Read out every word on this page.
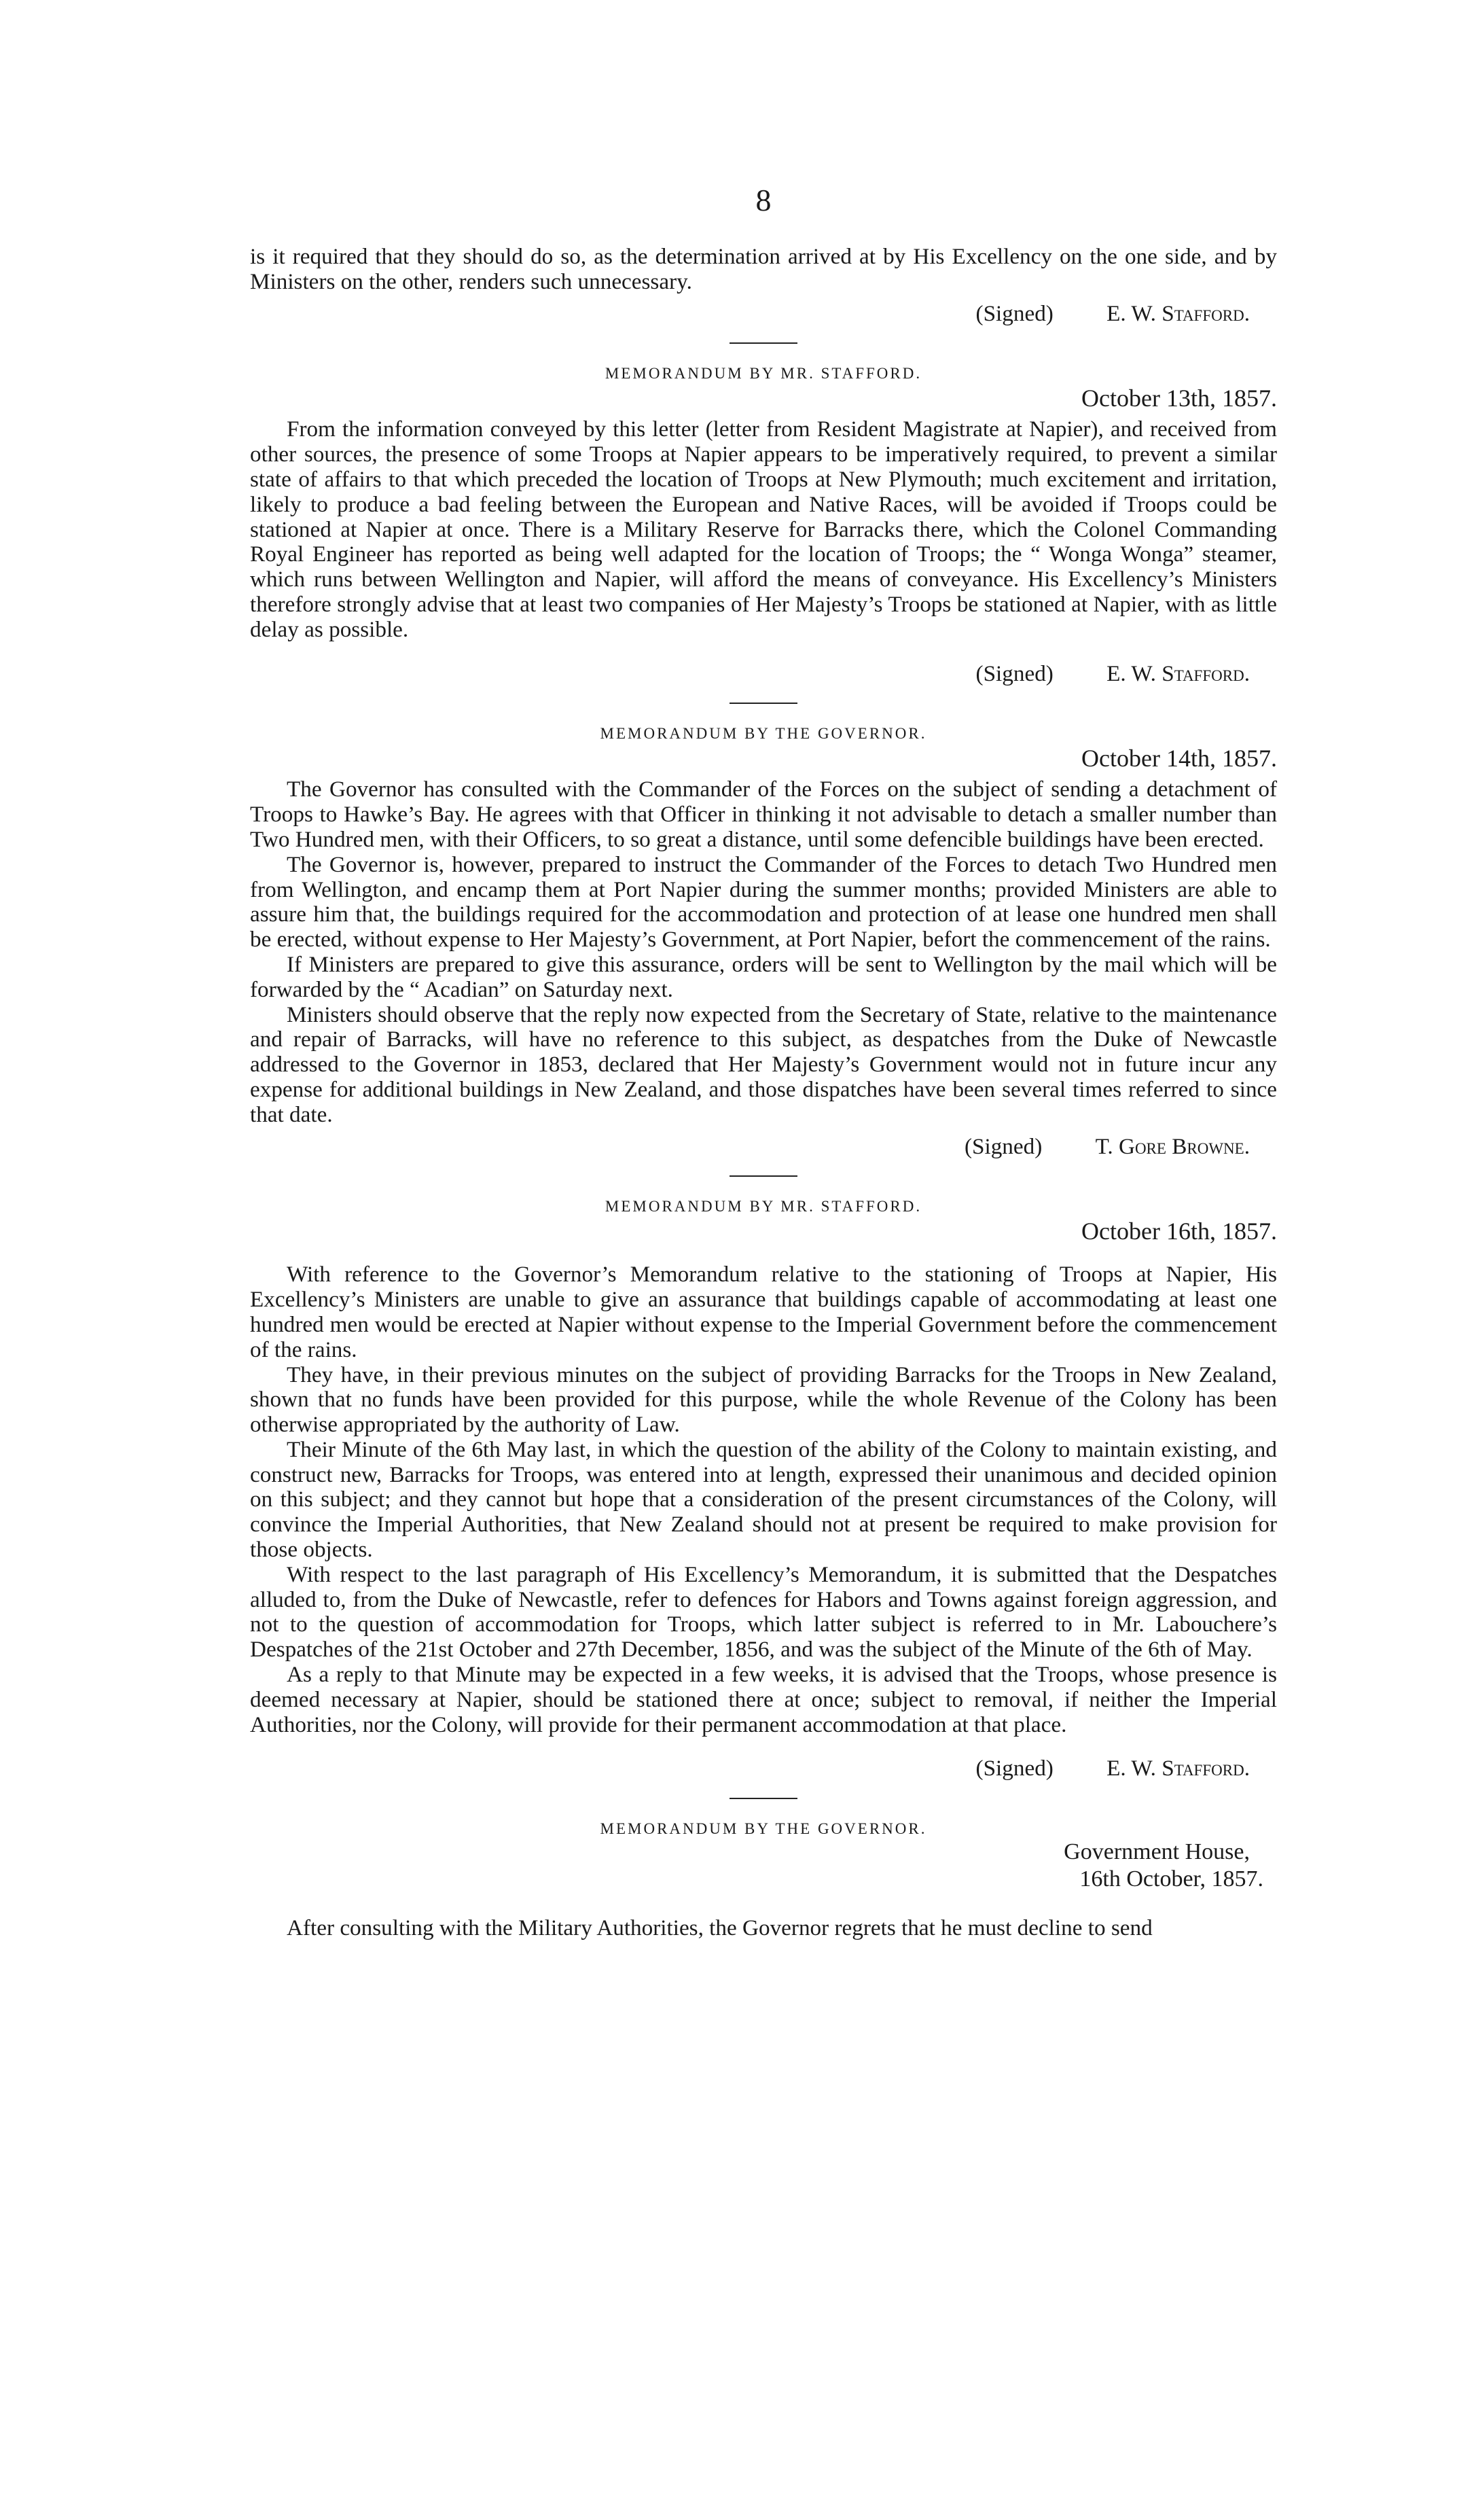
8

is it required that they should do so, as the determination arrived at by His Excellency on the one side, and by Ministers on the other, renders such unnecessary.

(Signed) E. W. Stafford.
MEMORANDUM BY MR. STAFFORD.
October 13th, 1857.

From the information conveyed by this letter (letter from Resident Magistrate at Napier), and received from other sources, the presence of some Troops at Napier appears to be imperatively required, to prevent a similar state of affairs to that which preceded the location of Troops at New Plymouth; much excitement and irritation, likely to produce a bad feeling between the European and Native Races, will be avoided if Troops could be stationed at Napier at once. There is a Military Reserve for Barracks there, which the Colonel Commanding Royal Engineer has reported as being well adapted for the location of Troops; the “ Wonga Wonga” steamer, which runs between Wellington and Napier, will afford the means of conveyance. His Excellency’s Ministers therefore strongly advise that at least two companies of Her Majesty’s Troops be stationed at Napier, with as little delay as possible.

(Signed) E. W. Stafford.
MEMORANDUM BY THE GOVERNOR.
October 14th, 1857.

The Governor has consulted with the Commander of the Forces on the subject of sending a detachment of Troops to Hawke’s Bay. He agrees with that Officer in thinking it not advisable to detach a smaller number than Two Hundred men, with their Officers, to so great a distance, until some defencible buildings have been erected.

The Governor is, however, prepared to instruct the Commander of the Forces to detach Two Hundred men from Wellington, and encamp them at Port Napier during the summer months; provided Ministers are able to assure him that, the buildings required for the accommodation and protection of at lease one hundred men shall be erected, without expense to Her Majesty’s Government, at Port Napier, befort the commencement of the rains.

If Ministers are prepared to give this assurance, orders will be sent to Wellington by the mail which will be forwarded by the “ Acadian” on Saturday next.

Ministers should observe that the reply now expected from the Secretary of State, relative to the maintenance and repair of Barracks, will have no reference to this subject, as despatches from the Duke of Newcastle addressed to the Governor in 1853, declared that Her Majesty’s Government would not in future incur any expense for additional buildings in New Zealand, and those dispatches have been several times referred to since that date.

(Signed) T. Gore Browne.
MEMORANDUM BY MR. STAFFORD.
October 16th, 1857.

With reference to the Governor’s Memorandum relative to the stationing of Troops at Napier, His Excellency’s Ministers are unable to give an assurance that buildings capable of accommodating at least one hundred men would be erected at Napier without expense to the Imperial Government before the commencement of the rains.

They have, in their previous minutes on the subject of providing Barracks for the Troops in New Zealand, shown that no funds have been provided for this purpose, while the whole Revenue of the Colony has been otherwise appropriated by the authority of Law.

Their Minute of the 6th May last, in which the question of the ability of the Colony to maintain existing, and construct new, Barracks for Troops, was entered into at length, expressed their unanimous and decided opinion on this subject; and they cannot but hope that a consideration of the present circumstances of the Colony, will convince the Imperial Authorities, that New Zealand should not at present be required to make provision for those objects.

With respect to the last paragraph of His Excellency’s Memorandum, it is submitted that the Despatches alluded to, from the Duke of Newcastle, refer to defences for Habors and Towns against foreign aggression, and not to the question of accommodation for Troops, which latter subject is referred to in Mr. Labouchere’s Despatches of the 21st October and 27th December, 1856, and was the subject of the Minute of the 6th of May.

As a reply to that Minute may be expected in a few weeks, it is advised that the Troops, whose presence is deemed necessary at Napier, should be stationed there at once; subject to removal, if neither the Imperial Authorities, nor the Colony, will provide for their permanent accommodation at that place.

(Signed) E. W. Stafford.
MEMORANDUM BY THE GOVERNOR.
Government House,
16th October, 1857.

After consulting with the Military Authorities, the Governor regrets that he must decline to send
